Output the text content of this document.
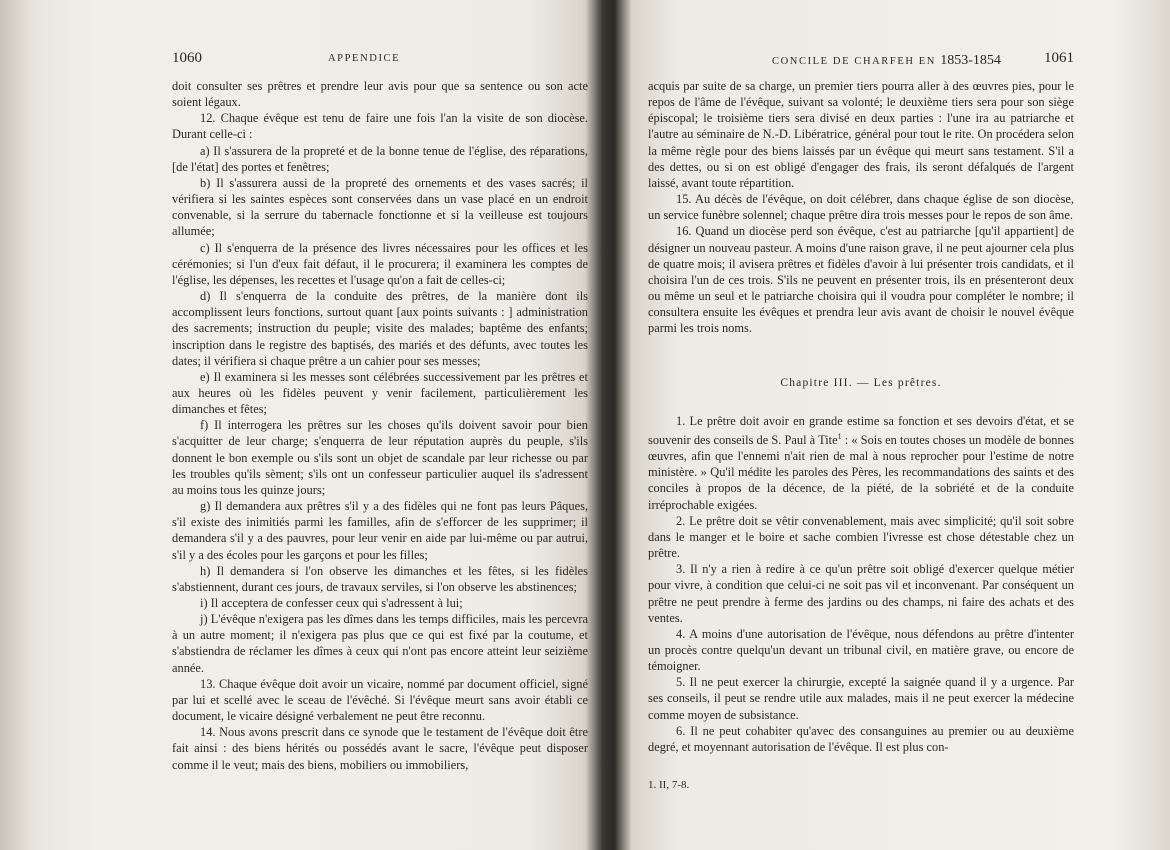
1060	APPENDICE

doit consulter ses prêtres et prendre leur avis pour que sa sentence ou son acte soient légaux.

12. Chaque évêque est tenu de faire une fois l'an la visite de son diocèse. Durant celle-ci :

a) Il s'assurera de la propreté et de la bonne tenue de l'église, des réparations, [de l'état] des portes et fenêtres;

b) Il s'assurera aussi de la propreté des ornements et des vases sacrés; il vérifiera si les saintes espèces sont conservées dans un vase placé en un endroit convenable, si la serrure du tabernacle fonctionne et si la veilleuse est toujours allumée;

c) Il s'enquerra de la présence des livres nécessaires pour les offices et les cérémonies; si l'un d'eux fait défaut, il le procurera; il examinera les comptes de l'église, les dépenses, les recettes et l'usage qu'on a fait de celles-ci;

d) Il s'enquerra de la conduite des prêtres, de la manière dont ils accomplissent leurs fonctions, surtout quant [aux points suivants : ] administration des sacrements; instruction du peuple; visite des malades; baptême des enfants; inscription dans le registre des baptisés, des mariés et des défunts, avec toutes les dates; il vérifiera si chaque prêtre a un cahier pour ses messes;

e) Il examinera si les messes sont célébrées successivement par les prêtres et aux heures où les fidèles peuvent y venir facilement, particulièrement les dimanches et fêtes;

f) Il interrogera les prêtres sur les choses qu'ils doivent savoir pour bien s'acquitter de leur charge; s'enquerra de leur réputation auprès du peuple, s'ils donnent le bon exemple ou s'ils sont un objet de scandale par leur richesse ou par les troubles qu'ils sèment; s'ils ont un confesseur particulier auquel ils s'adressent au moins tous les quinze jours;

g) Il demandera aux prêtres s'il y a des fidèles qui ne font pas leurs Pâques, s'il existe des inimitiés parmi les familles, afin de s'efforcer de les supprimer; il demandera s'il y a des pauvres, pour leur venir en aide par lui-même ou par autrui, s'il y a des écoles pour les garçons et pour les filles;

h) Il demandera si l'on observe les dimanches et les fêtes, si les fidèles s'abstiennent, durant ces jours, de travaux serviles, si l'on observe les abstinences;

i) Il acceptera de confesser ceux qui s'adressent à lui;

j) L'évêque n'exigera pas les dîmes dans les temps difficiles, mais les percevra à un autre moment; il n'exigera pas plus que ce qui est fixé par la coutume, et s'abstiendra de réclamer les dîmes à ceux qui n'ont pas encore atteint leur seizième année.

13. Chaque évêque doit avoir un vicaire, nommé par document officiel, signé par lui et scellé avec le sceau de l'évêché. Si l'évêque meurt sans avoir établi ce document, le vicaire désigné verbalement ne peut être reconnu.

14. Nous avons prescrit dans ce synode que le testament de l'évêque doit être fait ainsi : des biens hérités ou possédés avant le sacre, l'évêque peut disposer comme il le veut; mais des biens, mobiliers ou immobiliers,

CONCILE DE CHARFEH EN 1853-1854	1061

acquis par suite de sa charge, un premier tiers pourra aller à des œuvres pies, pour le repos de l'âme de l'évêque, suivant sa volonté; le deuxième tiers sera pour son siège épiscopal; le troisième tiers sera divisé en deux parties : l'une ira au patriarche et l'autre au séminaire de N.-D. Libératrice, général pour tout le rite. On procédera selon la même règle pour des biens laissés par un évêque qui meurt sans testament. S'il a des dettes, ou si on est obligé d'engager des frais, ils seront défalqués de l'argent laissé, avant toute répartition.

15. Au décès de l'évêque, on doit célébrer, dans chaque église de son diocèse, un service funèbre solennel; chaque prêtre dira trois messes pour le repos de son âme.

16. Quand un diocèse perd son évêque, c'est au patriarche [qu'il appartient] de désigner un nouveau pasteur. A moins d'une raison grave, il ne peut ajourner cela plus de quatre mois; il avisera prêtres et fidèles d'avoir à lui présenter trois candidats, et il choisira l'un de ces trois. S'ils ne peuvent en présenter trois, ils en présenteront deux ou même un seul et le patriarche choisira qui il voudra pour compléter le nombre; il consultera ensuite les évêques et prendra leur avis avant de choisir le nouvel évêque parmi les trois noms.

Chapitre III. — Les prêtres.

1. Le prêtre doit avoir en grande estime sa fonction et ses devoirs d'état, et se souvenir des conseils de S. Paul à Tite$^1$ : « Sois en toutes choses un modèle de bonnes œuvres, afin que l'ennemi n'ait rien de mal à nous reprocher pour l'estime de notre ministère. » Qu'il médite les paroles des Pères, les recommandations des saints et des conciles à propos de la décence, de la piété, de la sobriété et de la conduite irréprochable exigées.

2. Le prêtre doit se vêtir convenablement, mais avec simplicité; qu'il soit sobre dans le manger et le boire et sache combien l'ivresse est chose détestable chez un prêtre.

3. Il n'y a rien à redire à ce qu'un prêtre soit obligé d'exercer quelque métier pour vivre, à condition que celui-ci ne soit pas vil et inconvenant. Par conséquent un prêtre ne peut prendre à ferme des jardins ou des champs, ni faire des achats et des ventes.

4. A moins d'une autorisation de l'évêque, nous défendons au prêtre d'intenter un procès contre quelqu'un devant un tribunal civil, en matière grave, ou encore de témoigner.

5. Il ne peut exercer la chirurgie, excepté la saignée quand il y a urgence. Par ses conseils, il peut se rendre utile aux malades, mais il ne peut exercer la médecine comme moyen de subsistance.

6. Il ne peut cohabiter qu'avec des consanguines au premier ou au deuxième degré, et moyennant autorisation de l'évêque. Il est plus con-

1. II, 7-8.
